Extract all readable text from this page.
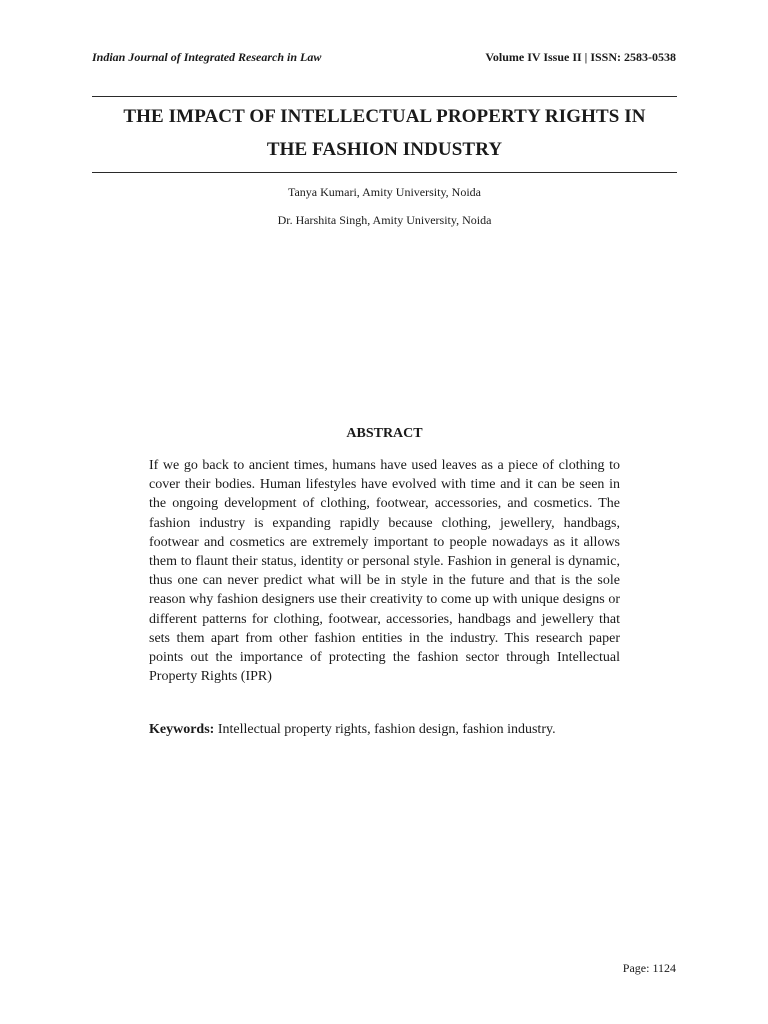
Indian Journal of Integrated Research in Law	Volume IV Issue II | ISSN: 2583-0538
THE IMPACT OF INTELLECTUAL PROPERTY RIGHTS IN
THE FASHION INDUSTRY
Tanya Kumari, Amity University, Noida
Dr. Harshita Singh, Amity University, Noida
ABSTRACT

If we go back to ancient times, humans have used leaves as a piece of clothing to cover their bodies. Human lifestyles have evolved with time and it can be seen in the ongoing development of clothing, footwear, accessories, and cosmetics. The fashion industry is expanding rapidly because clothing, jewellery, handbags, footwear and cosmetics are extremely important to people nowadays as it allows them to flaunt their status, identity or personal style. Fashion in general is dynamic, thus one can never predict what will be in style in the future and that is the sole reason why fashion designers use their creativity to come up with unique designs or different patterns for clothing, footwear, accessories, handbags and jewellery that sets them apart from other fashion entities in the industry. This research paper points out the importance of protecting the fashion sector through Intellectual Property Rights (IPR)

Keywords: Intellectual property rights, fashion design, fashion industry.

Page: 1124
